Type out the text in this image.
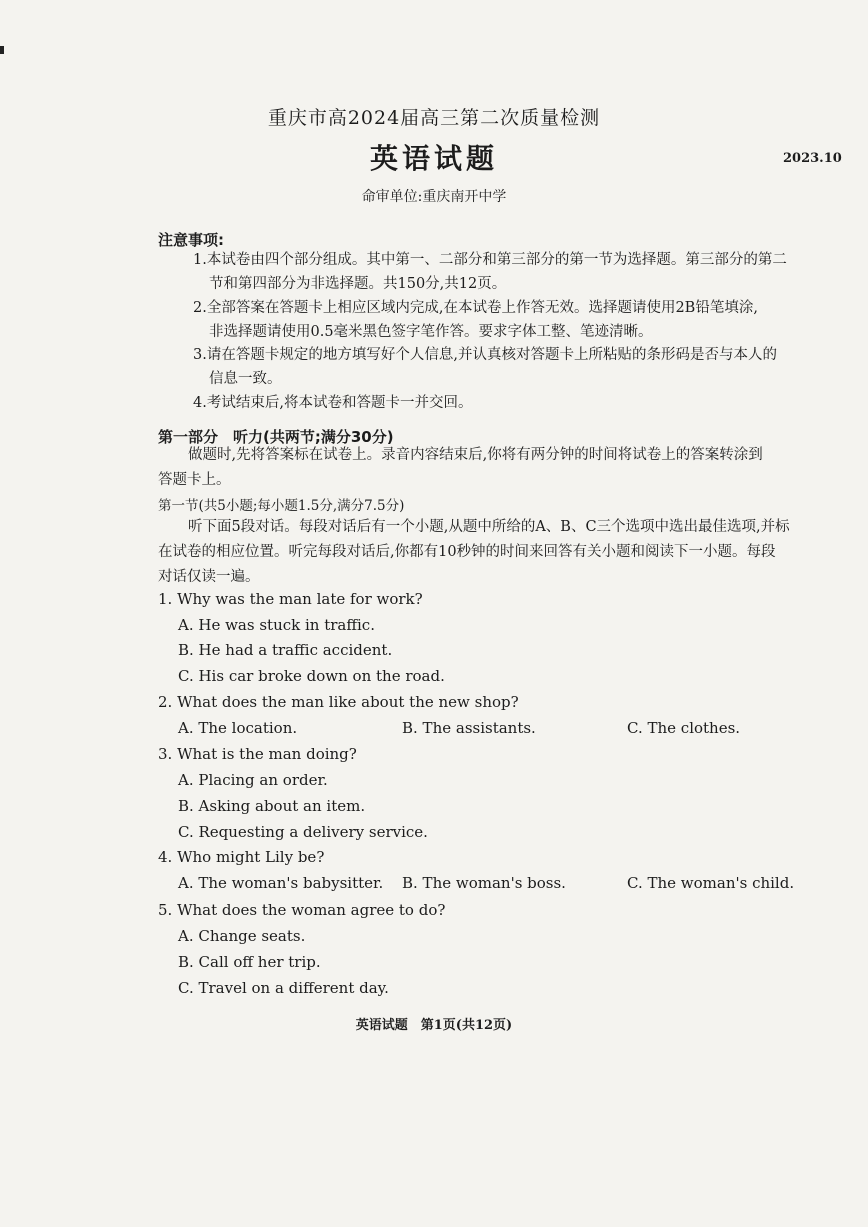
重庆市高2024届高三第二次质量检测
英语试题	2023.10
命审单位:重庆南开中学
注意事项:
1.本试卷由四个部分组成。其中第一、二部分和第三部分的第一节为选择题。第三部分的第二
节和第四部分为非选择题。共150分,共12页。
2.全部答案在答题卡上相应区域内完成,在本试卷上作答无效。选择题请使用2B铅笔填涂,
非选择题请使用0.5毫米黑色签字笔作答。要求字体工整、笔迹清晰。
3.请在答题卡规定的地方填写好个人信息,并认真核对答题卡上所粘贴的条形码是否与本人的
信息一致。
4.考试结束后,将本试卷和答题卡一并交回。
第一部分　听力(共两节;满分30分)
做题时,先将答案标在试卷上。录音内容结束后,你将有两分钟的时间将试卷上的答案转涂到
答题卡上。
第一节(共5小题;每小题1.5分,满分7.5分)
听下面5段对话。每段对话后有一个小题,从题中所给的A、B、C三个选项中选出最佳选项,并标
在试卷的相应位置。听完每段对话后,你都有10秒钟的时间来回答有关小题和阅读下一小题。每段
对话仅读一遍。
1. Why was the man late for work?
A. He was stuck in traffic.
B. He had a traffic accident.
C. His car broke down on the road.
2. What does the man like about the new shop?
A. The location.	B. The assistants.	C. The clothes.
3. What is the man doing?
A. Placing an order.
B. Asking about an item.
C. Requesting a delivery service.
4. Who might Lily be?
A. The woman's babysitter. B. The woman's boss.	C. The woman's child.
5. What does the woman agree to do?
A. Change seats.
B. Call off her trip.
C. Travel on a different day.
英语试题　第1页(共12页)
